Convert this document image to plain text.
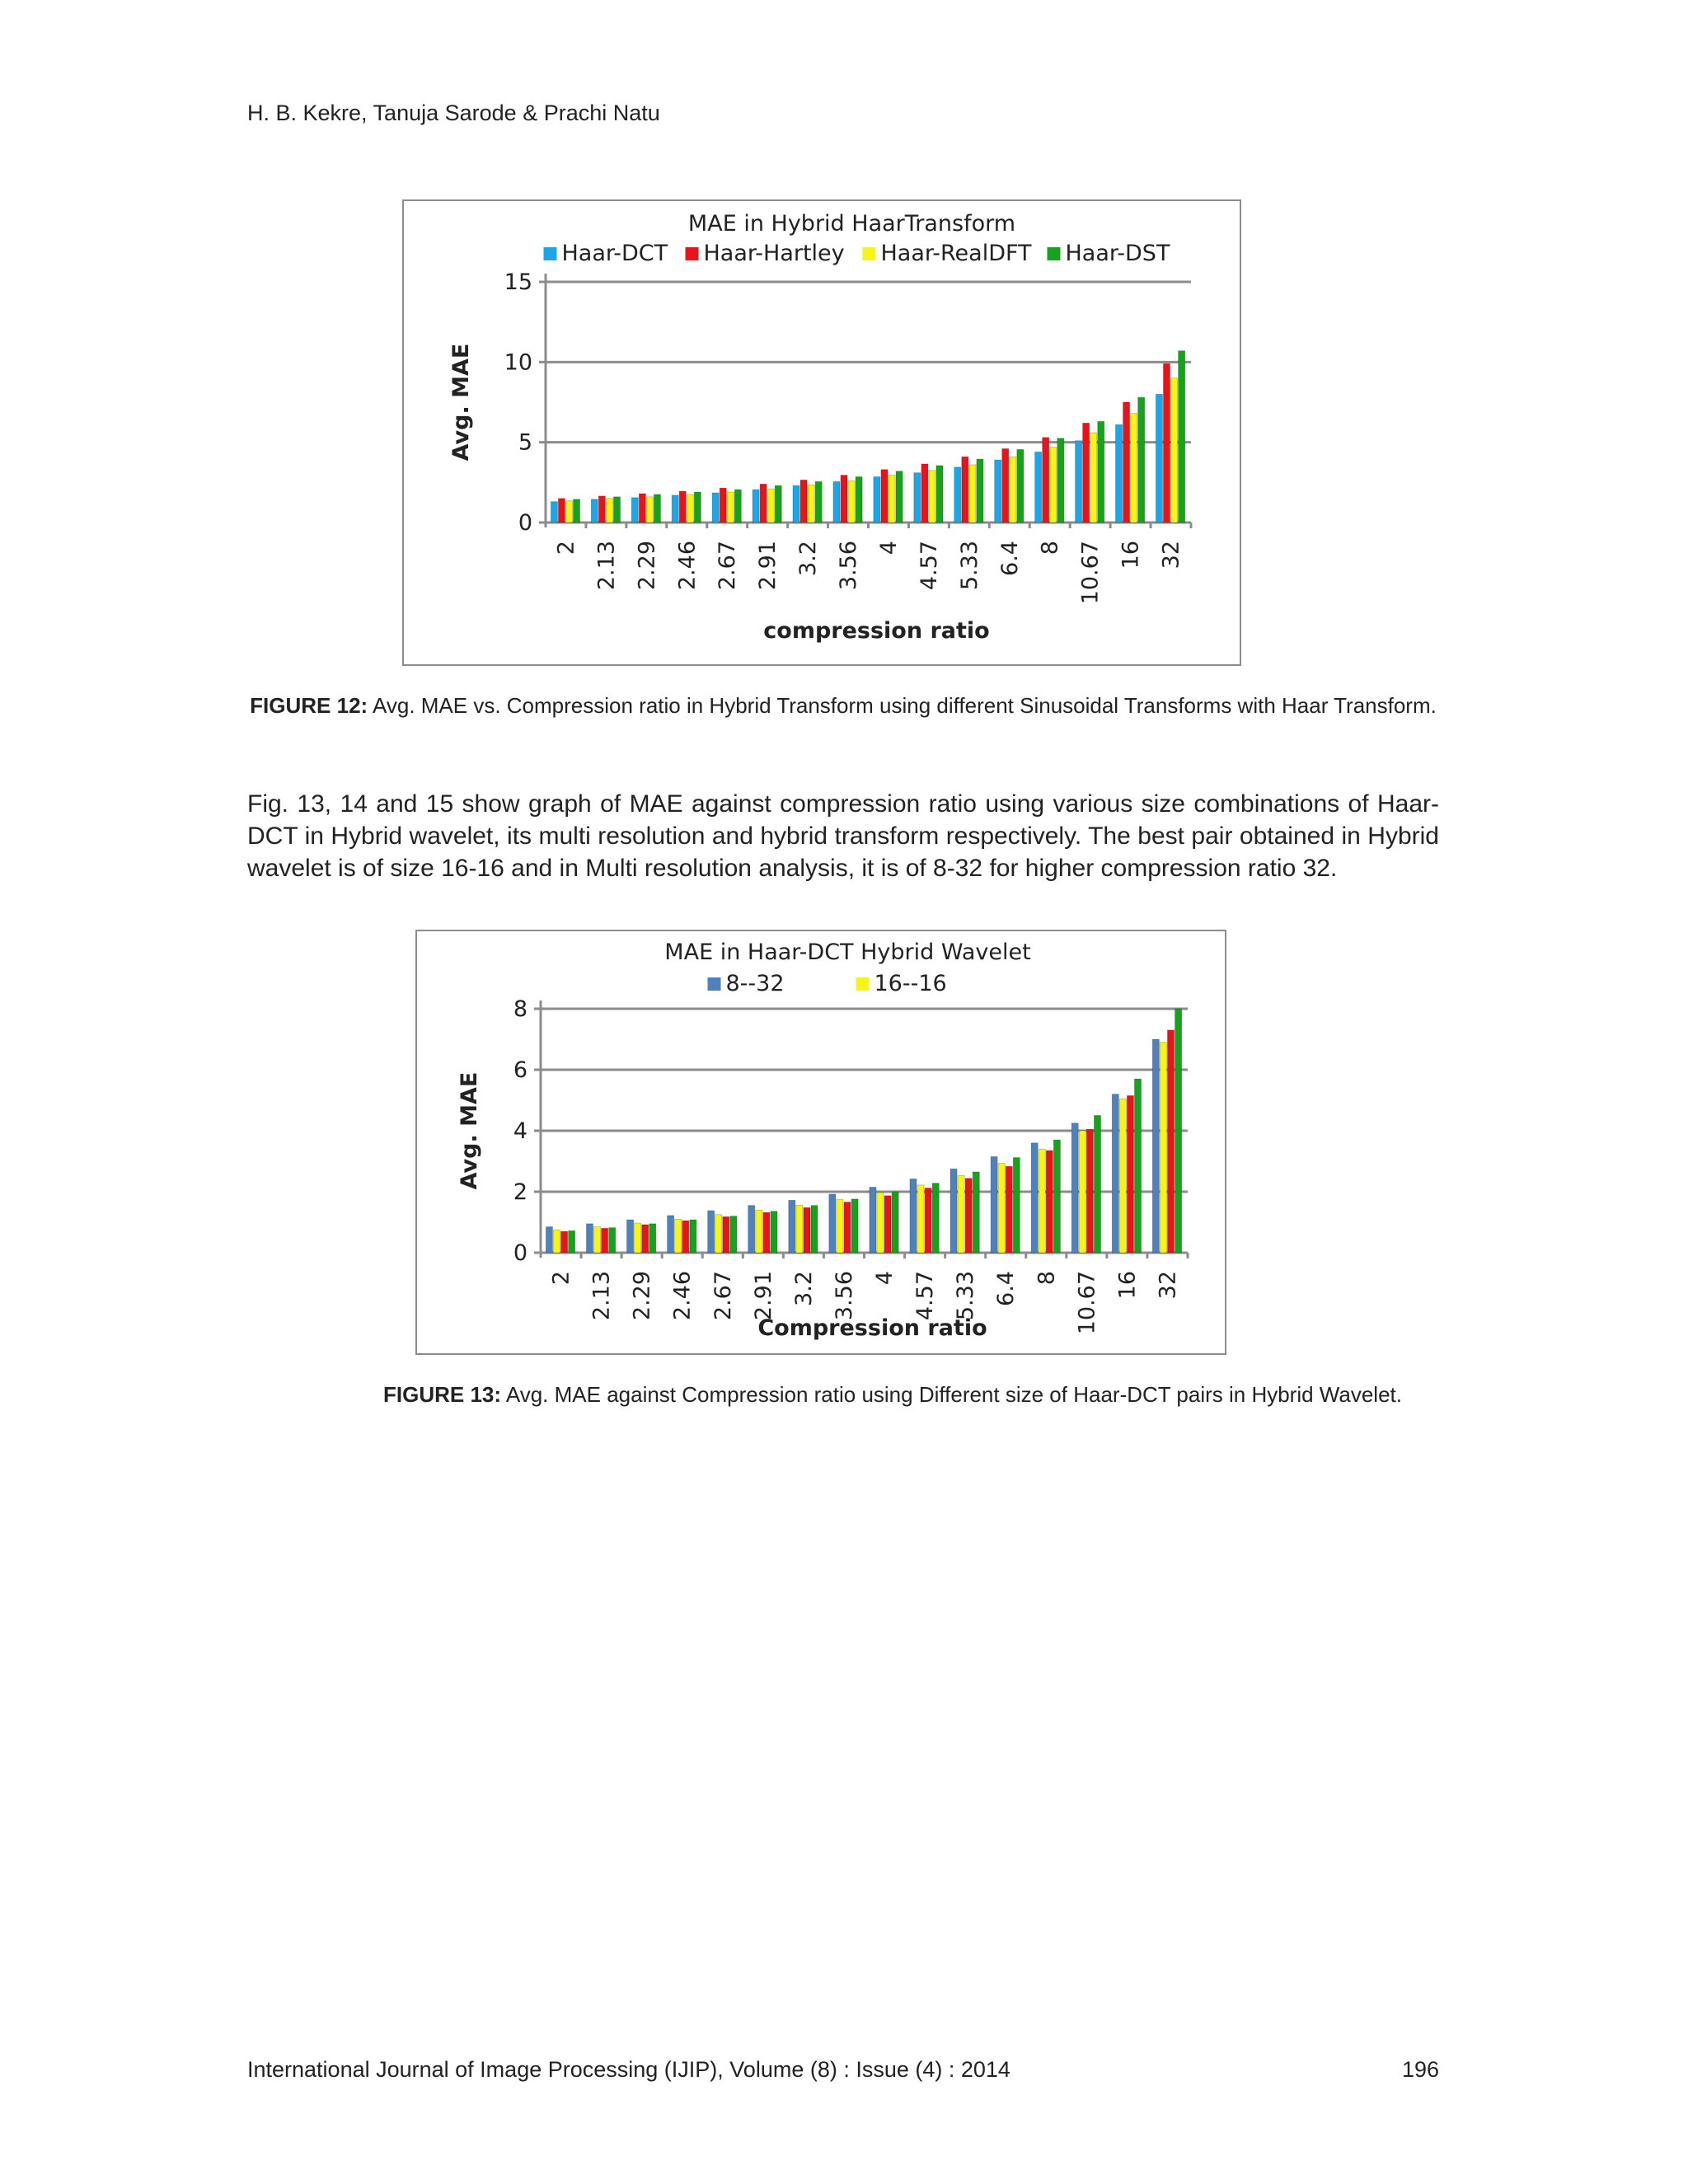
H. B. Kekre, Tanuja Sarode & Prachi Natu
MAE in Hybrid HaarTransform
Haar-DCT Haar-Hartley Haar-RealDFT Haar-DST
0
5
10
15
Avg. MAE
2 2.13 2.29 2.46 2.67 2.91 3.2 3.56 4 4.57 5.33 6.4 8 10.67 16 32
compression ratio
FIGURE 12: Avg. MAE vs. Compression ratio in Hybrid Transform using different Sinusoidal Transforms with Haar Transform.
Fig. 13, 14 and 15 show graph of MAE against compression ratio using various size combinations of Haar-DCT in Hybrid wavelet, its multi resolution and hybrid transform respectively. The best pair obtained in Hybrid wavelet is of size 16-16 and in Multi resolution analysis, it is of 8-32 for higher compression ratio 32.
MAE in Haar-DCT Hybrid Wavelet
8--32	16--16
0
2
4
6
8
Avg. MAE
2 2.13 2.29 2.46 2.67 2.91 3.2 3.56 4 4.57 5.33 6.4 8 10.67 16 32
Compression ratio
FIGURE 13: Avg. MAE against Compression ratio using Different size of Haar-DCT pairs in Hybrid Wavelet.
International Journal of Image Processing (IJIP), Volume (8) : Issue (4) : 2014	196
